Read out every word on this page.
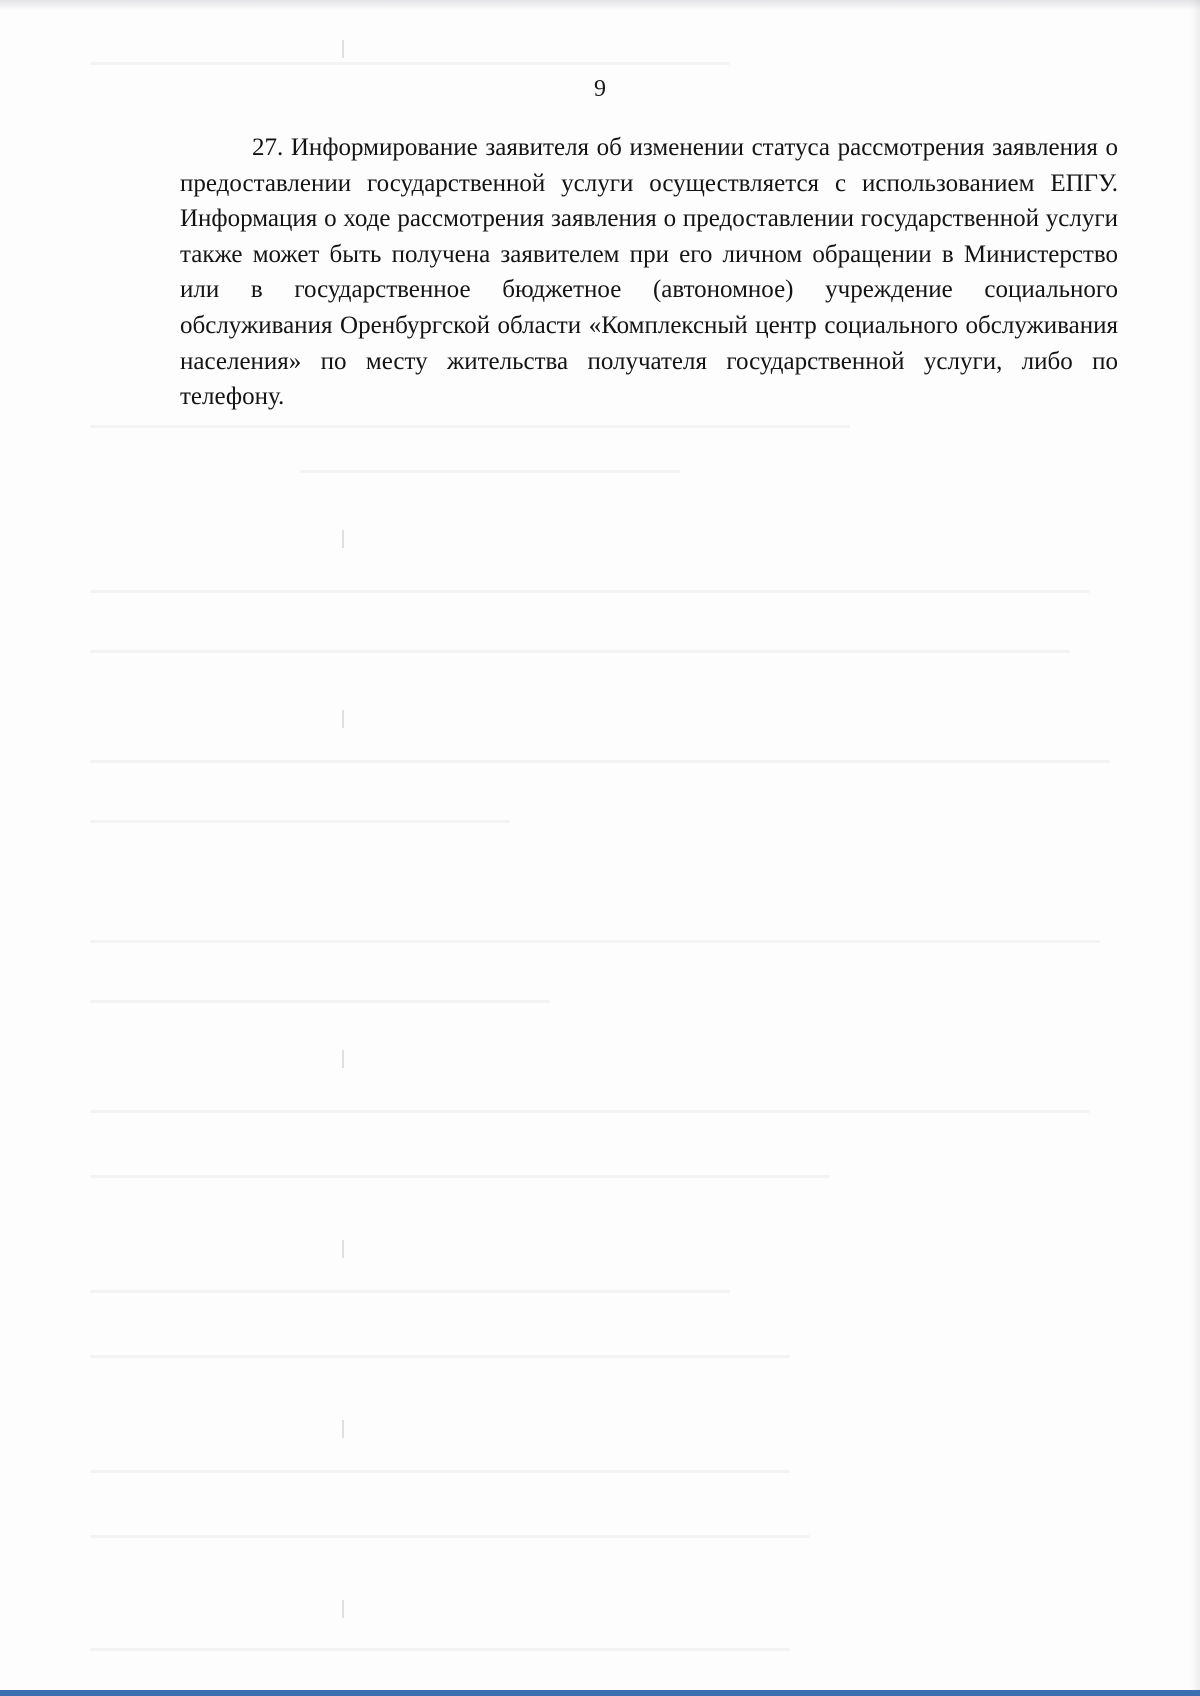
9

27. Информирование заявителя об изменении статуса рассмотрения заявления о предоставлении государственной услуги осуществляется с использованием ЕПГУ. Информация о ходе рассмотрения заявления о предоставлении государственной услуги также может быть получена заявителем при его личном обращении в Министерство или в государственное бюджетное (автономное) учреждение социального обслуживания Оренбургской области «Комплексный центр социального обслуживания населения» по месту жительства получателя государственной услуги, либо по телефону.
